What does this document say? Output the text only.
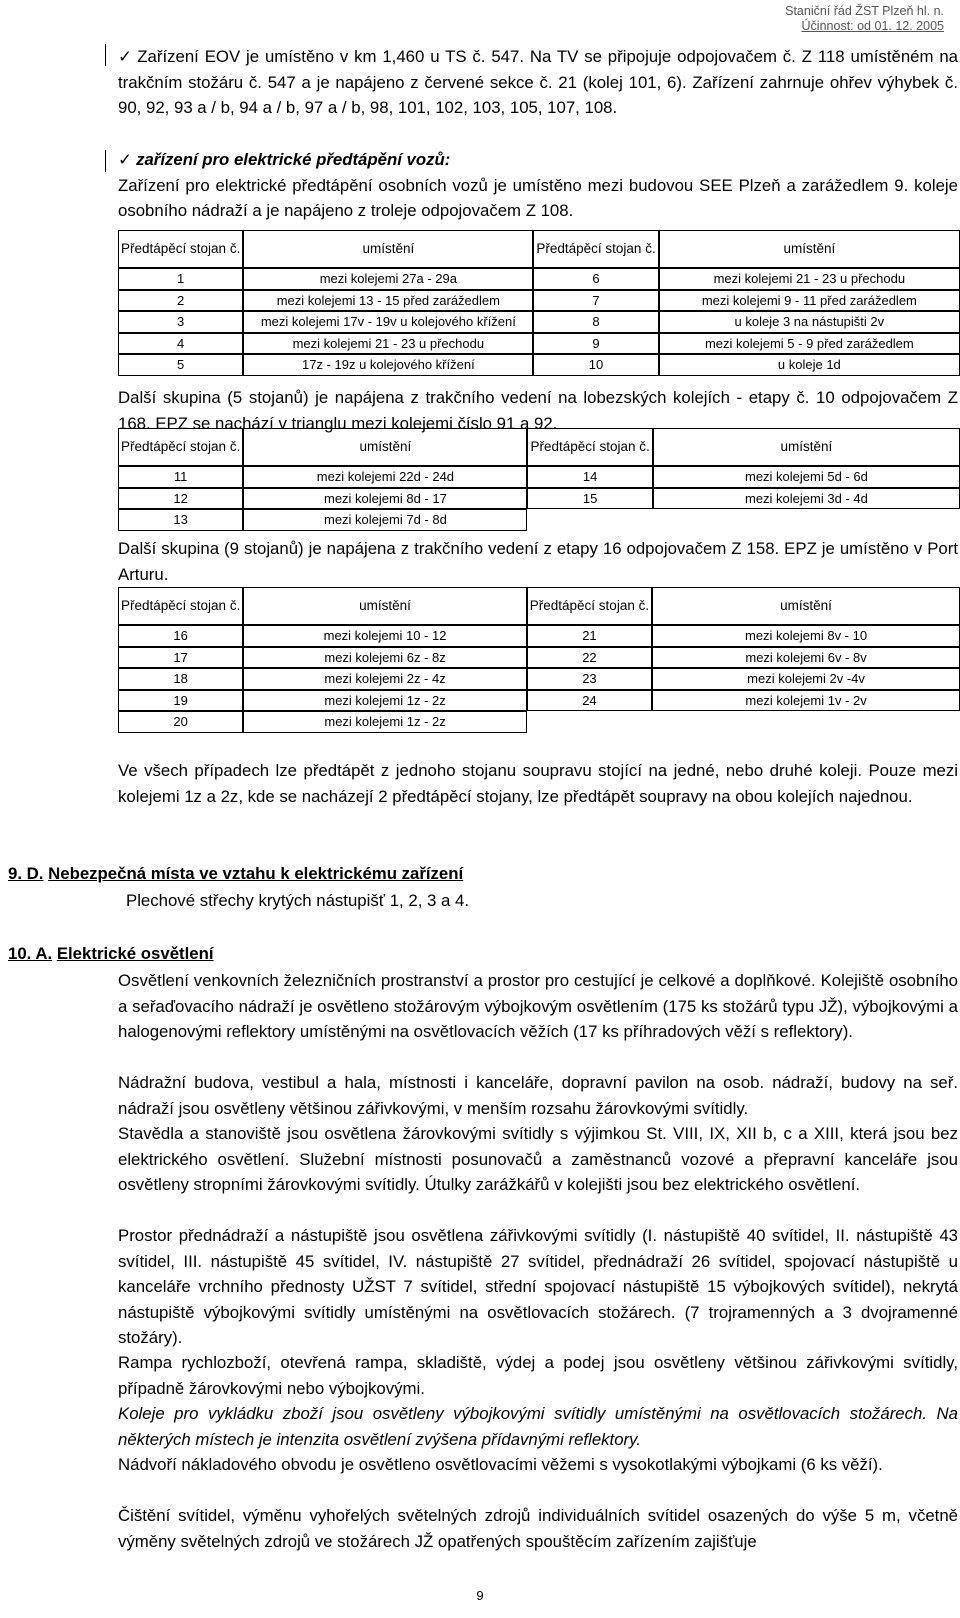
Staniční řád ŽST Plzeň hl. n.
Účinnost: od 01. 12. 2005
✓ Zařízení EOV je umístěno v km 1,460 u TS č. 547. Na TV se připojuje odpojovačem č. Z 118 umístěném na trakčním stožáru č. 547 a je napájeno z červené sekce č. 21 (kolej 101, 6). Zařízení zahrnuje ohřev výhybek č. 90, 92, 93 a / b, 94 a / b, 97 a / b, 98, 101, 102, 103, 105, 107, 108.
✓ zařízení pro elektrické předtápění vozů:
Zařízení pro elektrické předtápění osobních vozů je umístěno mezi budovou SEE Plzeň a zarážedlem 9. koleje osobního nádraží a je napájeno z troleje odpojovačem Z 108.
Předtápěcí stojan č.	umístění	Předtápěcí stojan č.	umístění
1	mezi kolejemi 27a - 29a	6	mezi kolejemi 21 - 23 u přechodu
2	mezi kolejemi 13 - 15 před zarážedlem	7	mezi kolejemi 9 - 11 před zarážedlem
3	mezi kolejemi 17v - 19v u kolejového křížení	8	u koleje 3 na nástupišti 2v
4	mezi kolejemi 21 - 23 u přechodu	9	mezi kolejemi 5 - 9 před zarážedlem
5	17z - 19z u kolejového křížení	10	u koleje 1d
Další skupina (5 stojanů) je napájena z trakčního vedení na lobezských kolejích - etapy č. 10 odpojovačem Z 168. EPZ se nachází v trianglu mezi kolejemi číslo 91 a 92.
Předtápěcí stojan č.	umístění	Předtápěcí stojan č.	umístění
11	mezi kolejemi 22d - 24d	14	mezi kolejemi 5d - 6d
12	mezi kolejemi 8d - 17	15	mezi kolejemi 3d - 4d
13	mezi kolejemi 7d - 8d		
Další skupina (9 stojanů) je napájena z trakčního vedení z etapy 16 odpojovačem Z 158. EPZ je umístěno v Port Arturu.
Předtápěcí stojan č.	umístění	Předtápěcí stojan č.	umístění
16	mezi kolejemi 10 - 12	21	mezi kolejemi 8v - 10
17	mezi kolejemi 6z - 8z	22	mezi kolejemi 6v - 8v
18	mezi kolejemi 2z - 4z	23	mezi kolejemi 2v -4v
19	mezi kolejemi 1z - 2z	24	mezi kolejemi 1v - 2v
20	mezi kolejemi 1z - 2z		
Ve všech případech lze předtápět z jednoho stojanu soupravu stojící na jedné, nebo druhé koleji. Pouze mezi kolejemi 1z a 2z, kde se nacházejí 2 předtápěcí stojany, lze předtápět soupravy na obou kolejích najednou.
9. D. Nebezpečná místa ve vztahu k elektrickému zařízení
Plechové střechy krytých nástupišť 1, 2, 3 a 4.
10. A. Elektrické osvětlení
Osvětlení venkovních železničních prostranství a prostor pro cestující je celkové a doplňkové. Kolejiště osobního a seřaďovacího nádraží je osvětleno stožárovým výbojkovým osvětlením (175 ks stožárů typu JŽ), výbojkovými a halogenovými reflektory umístěnými na osvětlovacích věžích (17 ks příhradových věží s reflektory).
Nádražní budova, vestibul a hala, místnosti i kanceláře, dopravní pavilon na osob. nádraží, budovy na seř. nádraží jsou osvětleny většinou zářivkovými, v menším rozsahu žárovkovými svítidly.
Stavědla a stanoviště jsou osvětlena žárovkovými svítidly s výjimkou St. VIII, IX, XII b, c a XIII, která jsou bez elektrického osvětlení. Služební místnosti posunovačů a zaměstnanců vozové a přepravní kanceláře jsou osvětleny stropními žárovkovými svítidly. Útulky zarážkářů v kolejišti jsou bez elektrického osvětlení.
Prostor přednádraží a nástupiště jsou osvětlena zářivkovými svítidly (I. nástupiště 40 svítidel, II. nástupiště 43 svítidel, III. nástupiště 45 svítidel, IV. nástupiště 27 svítidel, přednádraží 26 svítidel, spojovací nástupiště u kanceláře vrchního přednosty UŽST 7 svítidel, střední spojovací nástupiště 15 výbojkových svítidel), nekrytá nástupiště výbojkovými svítidly umístěnými na osvětlovacích stožárech. (7 trojramenných a 3 dvojramenné stožáry).
Rampa rychlozboží, otevřená rampa, skladiště, výdej a podej jsou osvětleny většinou zářivkovými svítidly, případně žárovkovými nebo výbojkovými.
Koleje pro vykládku zboží jsou osvětleny výbojkovými svítidly umístěnými na osvětlovacích stožárech. Na některých místech je intenzita osvětlení zvýšena přídavnými reflektory.
Nádvoří nákladového obvodu je osvětleno osvětlovacími věžemi s vysokotlakými výbojkami (6 ks věží).
Čištění svítidel, výměnu vyhořelých světelných zdrojů individuálních svítidel osazených do výše 5 m, včetně výměny světelných zdrojů ve stožárech JŽ opatřených spouštěcím zařízením zajišťuje
9
